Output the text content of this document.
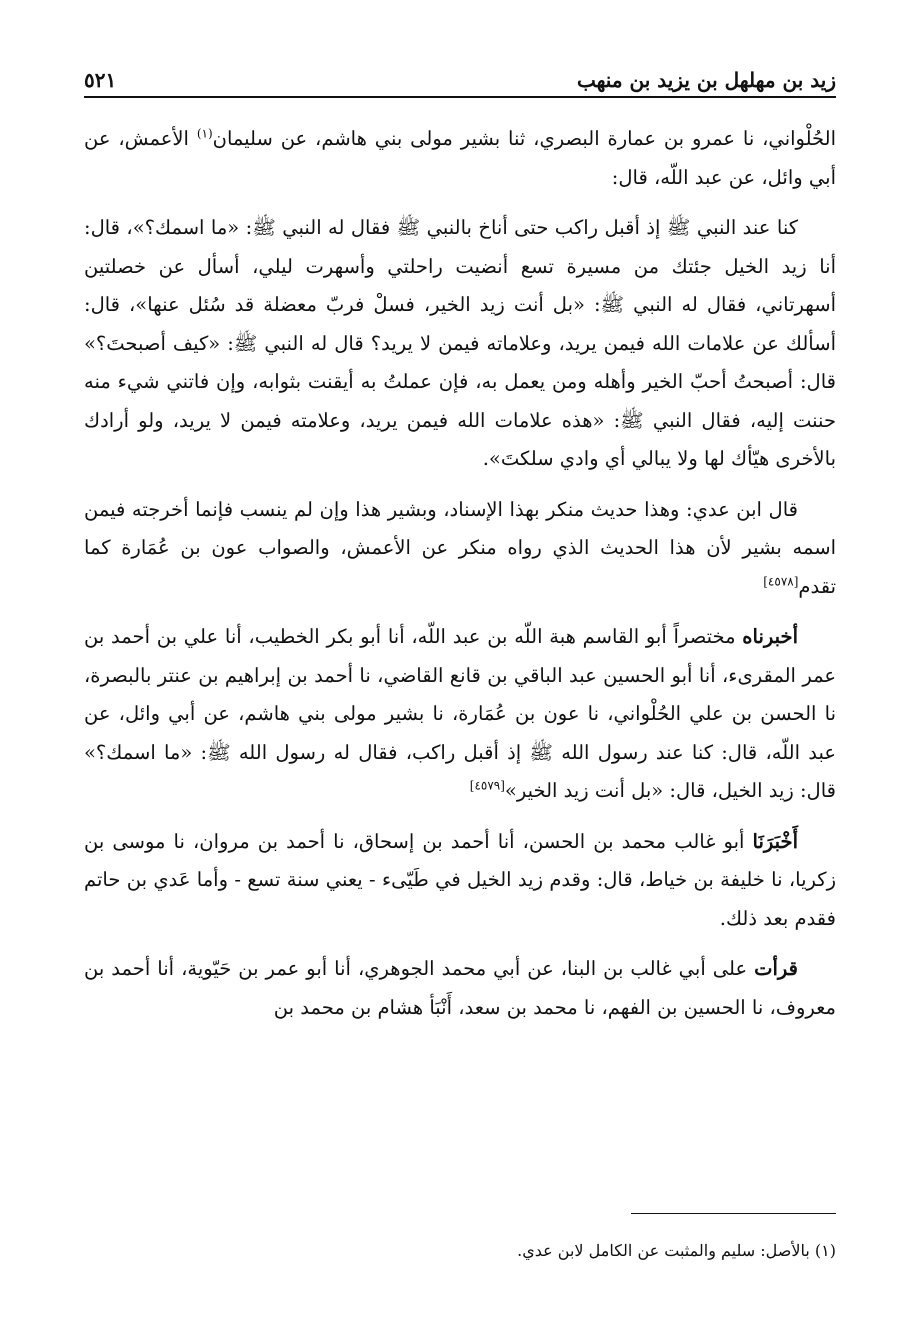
زيد بن مهلهل بن يزيد بن منهب
٥٢١

الحُلْواني، نا عمرو بن عمارة البصري، ثنا بشير مولى بني هاشم، عن سليمان$^{(١)}$ الأعمش، عن أبي وائل، عن عبد اللّه، قال:

كنا عند النبي ﷺ إذ أقبل راكب حتى أناخ بالنبي ﷺ فقال له النبي ﷺ: «ما اسمك؟»، قال: أنا زيد الخيل جئتك من مسيرة تسع أنضيت راحلتي وأسهرت ليلي، أسأل عن خصلتين أسهرتاني، فقال له النبي ﷺ: «بل أنت زيد الخير، فسلْ فربّ معضلة قد سُئل عنها»، قال: أسألك عن علامات الله فيمن يريد، وعلاماته فيمن لا يريد؟ قال له النبي ﷺ: «كيف أصبحتَ؟» قال: أصبحتُ أحبّ الخير وأهله ومن يعمل به، فإن عملتُ به أيقنت بثوابه، وإن فاتني شيء منه حننت إليه، فقال النبي ﷺ: «هذه علامات الله فيمن يريد، وعلامته فيمن لا يريد، ولو أرادك بالأخرى هيّأك لها ولا يبالي أي وادي سلكتَ».

قال ابن عدي: وهذا حديث منكر بهذا الإسناد، وبشير هذا وإن لم ينسب فإنما أخرجته فيمن اسمه بشير لأن هذا الحديث الذي رواه منكر عن الأعمش، والصواب عون بن عُمَارة كما تقدم[٤٥٧٨]

أخبرناه مختصراً أبو القاسم هبة اللّه بن عبد اللّه، أنا أبو بكر الخطيب، أنا علي بن أحمد بن عمر المقرىء، أنا أبو الحسين عبد الباقي بن قانع القاضي، نا أحمد بن إبراهيم بن عنتر بالبصرة، نا الحسن بن علي الحُلْواني، نا عون بن عُمَارة، نا بشير مولى بني هاشم، عن أبي وائل، عن عبد اللّه، قال: كنا عند رسول الله ﷺ إذ أقبل راكب، فقال له رسول الله ﷺ: «ما اسمك؟» قال: زيد الخيل، قال: «بل أنت زيد الخير»[٤٥٧٩]

أَخْبَرَنَا أبو غالب محمد بن الحسن، أنا أحمد بن إسحاق، نا أحمد بن مروان، نا موسى بن زكريا، نا خليفة بن خياط، قال: وقدم زيد الخيل في طَيّىء - يعني سنة تسع - وأما عَدي بن حاتم فقدم بعد ذلك.

قرأت على أبي غالب بن البنا، عن أبي محمد الجوهري، أنا أبو عمر بن حَيّوية، أنا أحمد بن معروف، نا الحسين بن الفهم، نا محمد بن سعد، أَنْبَأ هشام بن محمد بن

(١) بالأصل: سليم والمثبت عن الكامل لابن عدي.
